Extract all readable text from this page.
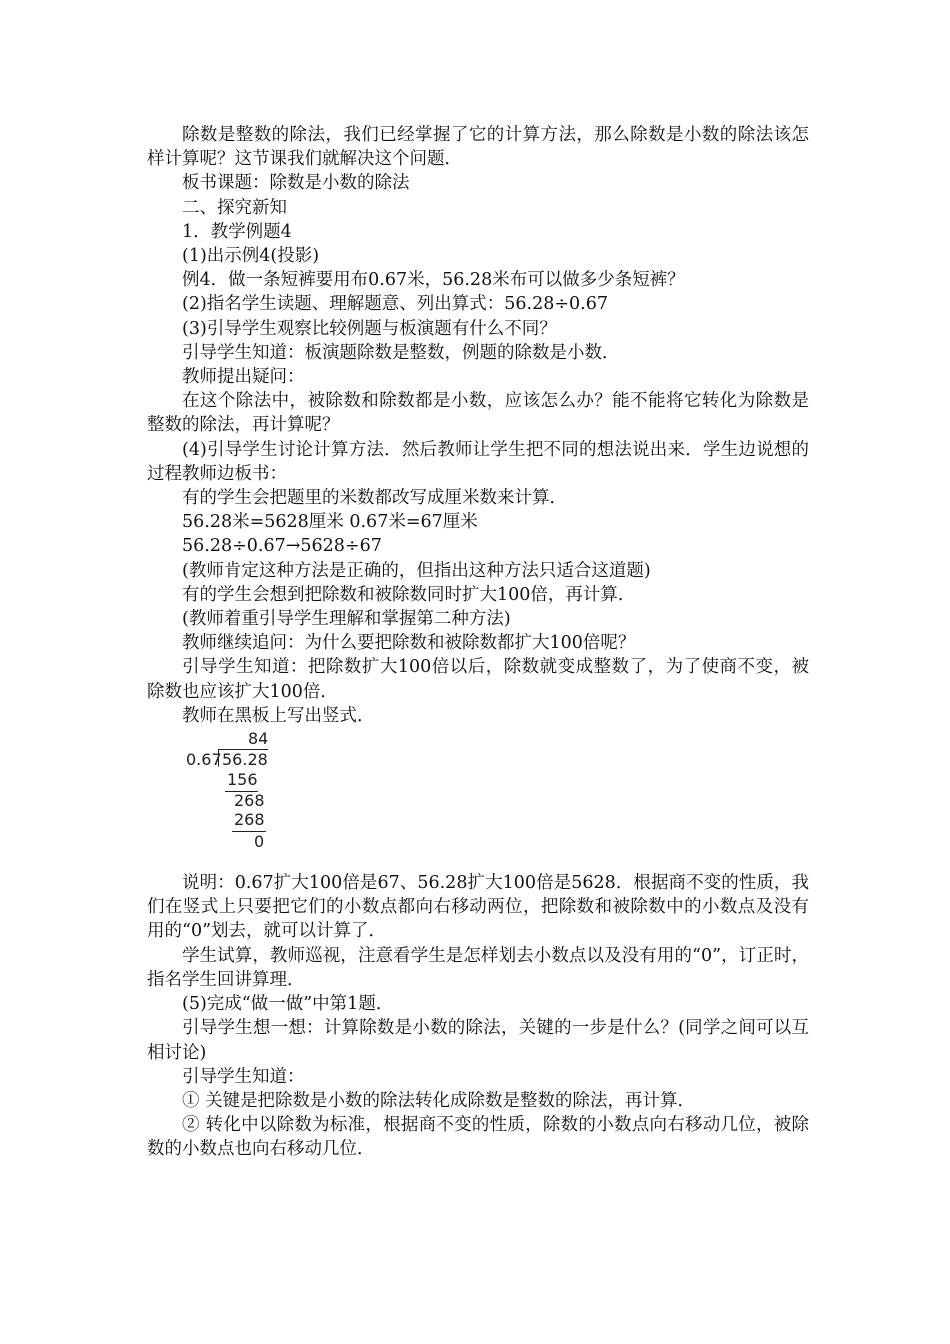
除数是整数的除法，我们已经掌握了它的计算方法，那么除数是小数的除法该怎样计算呢？这节课我们就解决这个问题．

板书课题：除数是小数的除法

二、探究新知

1．教学例题4

(1)出示例4(投影)

例4．做一条短裤要用布0.67米，56.28米布可以做多少条短裤？

(2)指名学生读题、理解题意、列出算式：56.28÷0.67

(3)引导学生观察比较例题与板演题有什么不同？

引导学生知道：板演题除数是整数，例题的除数是小数．

教师提出疑问：

在这个除法中，被除数和除数都是小数，应该怎么办？能不能将它转化为除数是整数的除法，再计算呢？

(4)引导学生讨论计算方法．然后教师让学生把不同的想法说出来．学生边说想的过程教师边板书：

有的学生会把题里的米数都改写成厘米数来计算．

56.28米=5628厘米 0.67米=67厘米

56.28÷0.67→5628÷67

(教师肯定这种方法是正确的，但指出这种方法只适合这道题)

有的学生会想到把除数和被除数同时扩大100倍，再计算．

(教师着重引导学生理解和掌握第二种方法)

教师继续追问：为什么要把除数和被除数都扩大100倍呢？

引导学生知道：把除数扩大100倍以后，除数就变成整数了，为了使商不变，被除数也应该扩大100倍．

教师在黑板上写出竖式．

84
0.67 56.28
156
268
268
0

说明：0.67扩大100倍是67、56.28扩大100倍是5628．根据商不变的性质，我们在竖式上只要把它们的小数点都向右移动两位，把除数和被除数中的小数点及没有用的“0”划去，就可以计算了．

学生试算，教师巡视，注意看学生是怎样划去小数点以及没有用的“0”，订正时，指名学生回讲算理．

(5)完成“做一做”中第1题．

引导学生想一想：计算除数是小数的除法，关键的一步是什么？(同学之间可以互相讨论)

引导学生知道：

① 关键是把除数是小数的除法转化成除数是整数的除法，再计算．

② 转化中以除数为标准，根据商不变的性质，除数的小数点向右移动几位，被除数的小数点也向右移动几位．
